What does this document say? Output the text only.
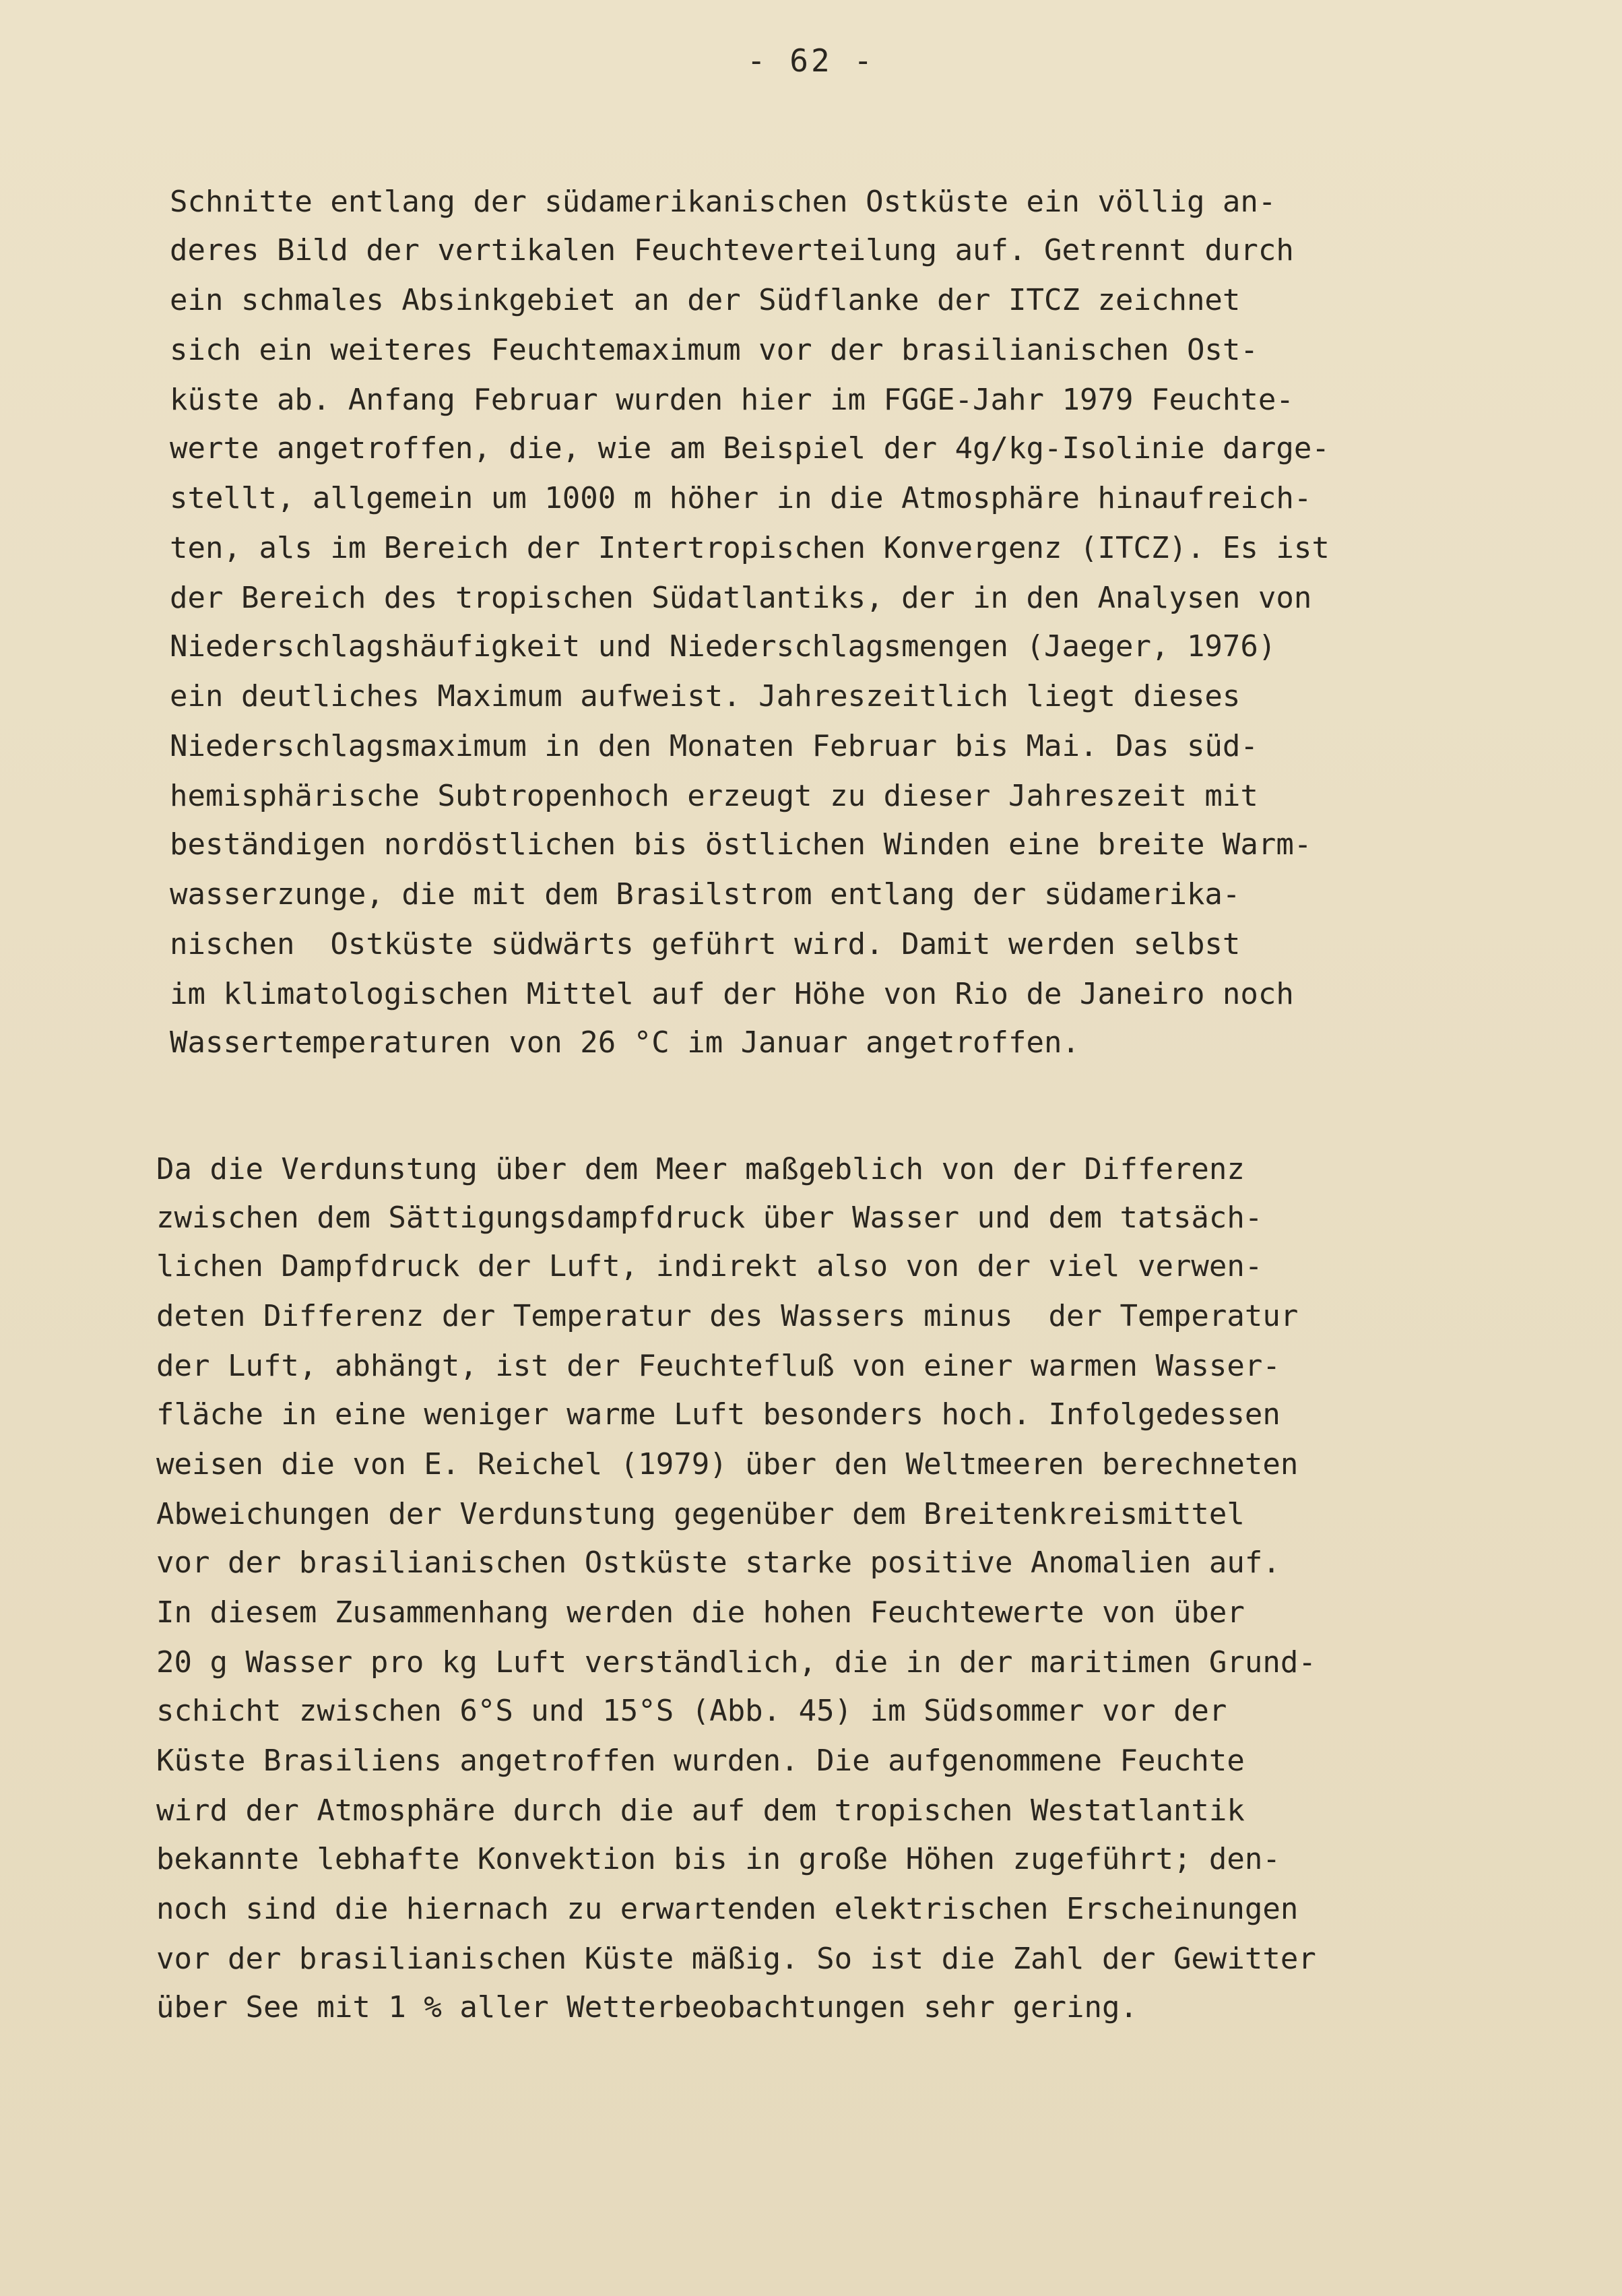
- 62 -
Schnitte entlang der südamerikanischen Ostküste ein völlig an-
deres Bild der vertikalen Feuchteverteilung auf. Getrennt durch
ein schmales Absinkgebiet an der Südflanke der ITCZ zeichnet
sich ein weiteres Feuchtemaximum vor der brasilianischen Ost-
küste ab. Anfang Februar wurden hier im FGGE-Jahr 1979 Feuchte-
werte angetroffen, die, wie am Beispiel der 4g/kg-Isolinie darge-
stellt, allgemein um 1000 m höher in die Atmosphäre hinaufreich-
ten, als im Bereich der Intertropischen Konvergenz (ITCZ). Es ist
der Bereich des tropischen Südatlantiks, der in den Analysen von
Niederschlagshäufigkeit und Niederschlagsmengen (Jaeger, 1976)
ein deutliches Maximum aufweist. Jahreszeitlich liegt dieses
Niederschlagsmaximum in den Monaten Februar bis Mai. Das süd-
hemisphärische Subtropenhoch erzeugt zu dieser Jahreszeit mit
beständigen nordöstlichen bis östlichen Winden eine breite Warm-
wasserzunge, die mit dem Brasilstrom entlang der südamerika-
nischen  Ostküste südwärts geführt wird. Damit werden selbst
im klimatologischen Mittel auf der Höhe von Rio de Janeiro noch
Wassertemperaturen von 26 °C im Januar angetroffen.
Da die Verdunstung über dem Meer maßgeblich von der Differenz
zwischen dem Sättigungsdampfdruck über Wasser und dem tatsäch-
lichen Dampfdruck der Luft, indirekt also von der viel verwen-
deten Differenz der Temperatur des Wassers minus  der Temperatur
der Luft, abhängt, ist der Feuchtefluß von einer warmen Wasser-
fläche in eine weniger warme Luft besonders hoch. Infolgedessen
weisen die von E. Reichel (1979) über den Weltmeeren berechneten
Abweichungen der Verdunstung gegenüber dem Breitenkreismittel
vor der brasilianischen Ostküste starke positive Anomalien auf.
In diesem Zusammenhang werden die hohen Feuchtewerte von über
20 g Wasser pro kg Luft verständlich, die in der maritimen Grund-
schicht zwischen 6°S und 15°S (Abb. 45) im Südsommer vor der
Küste Brasiliens angetroffen wurden. Die aufgenommene Feuchte
wird der Atmosphäre durch die auf dem tropischen Westatlantik
bekannte lebhafte Konvektion bis in große Höhen zugeführt; den-
noch sind die hiernach zu erwartenden elektrischen Erscheinungen
vor der brasilianischen Küste mäßig. So ist die Zahl der Gewitter
über See mit 1 % aller Wetterbeobachtungen sehr gering.
